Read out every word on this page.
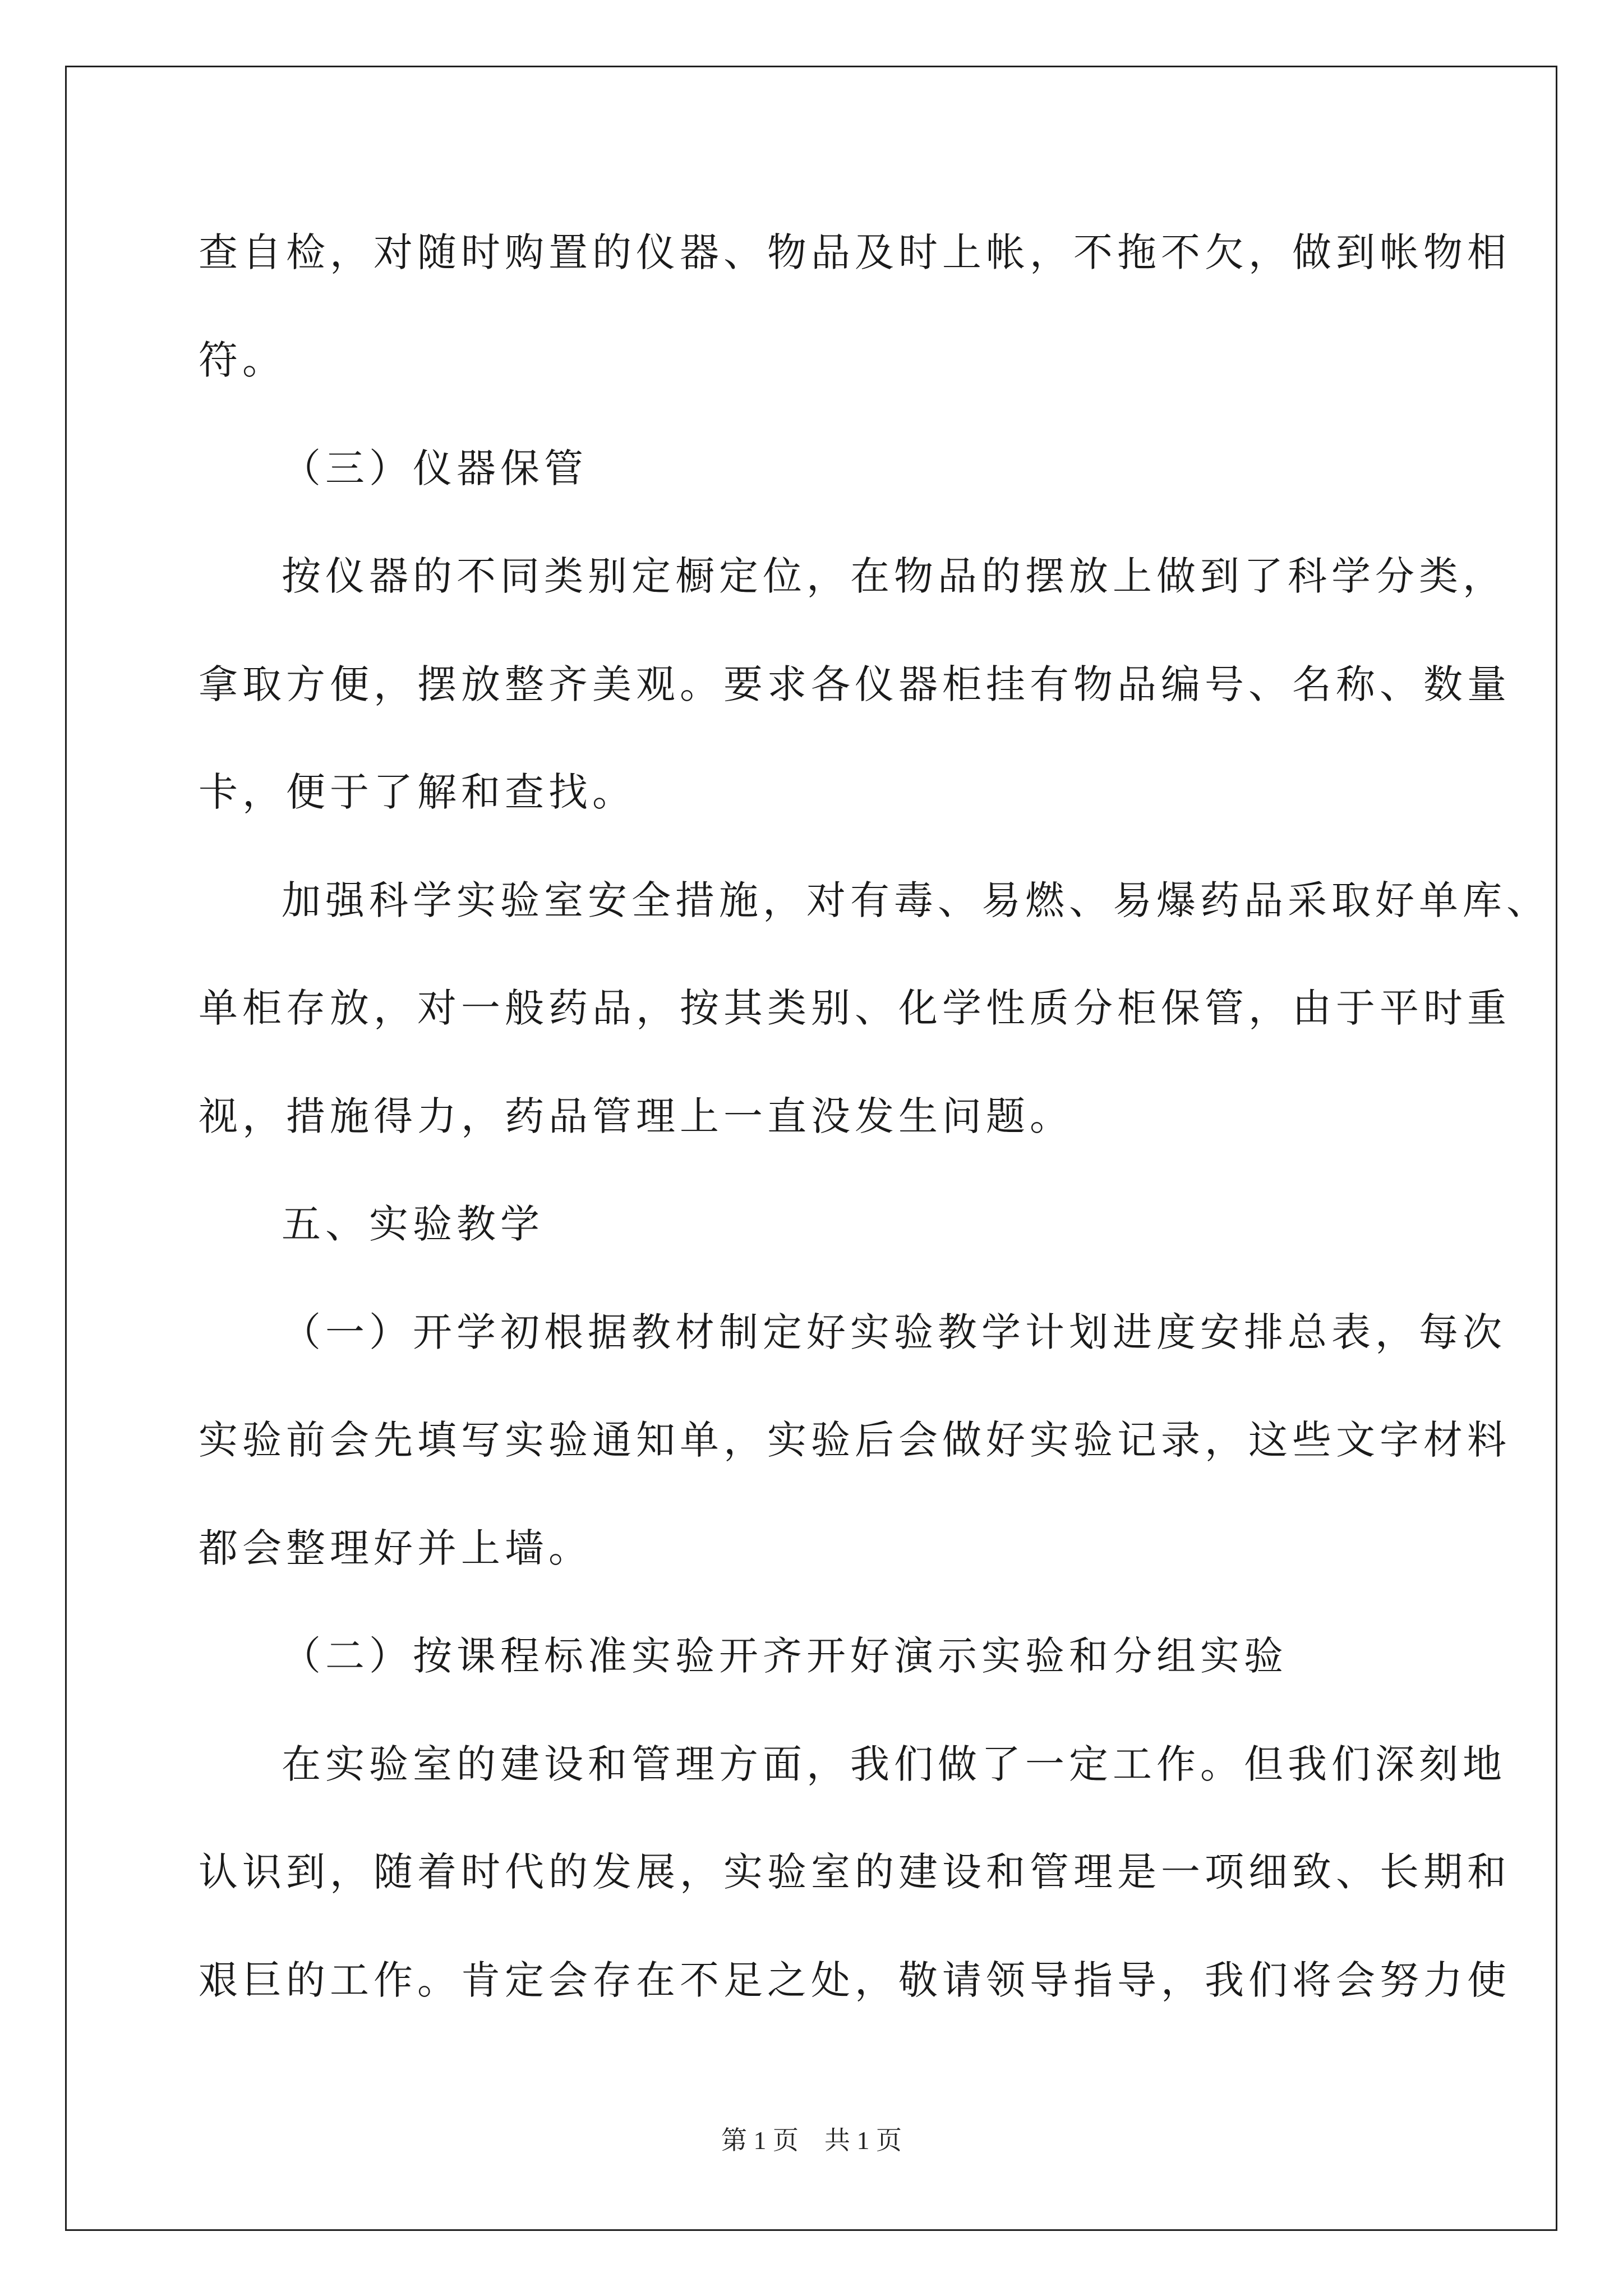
查自检，对随时购置的仪器、物品及时上帐，不拖不欠，做到帐物相
符。
（三）仪器保管
按仪器的不同类别定橱定位，在物品的摆放上做到了科学分类，
拿取方便，摆放整齐美观。要求各仪器柜挂有物品编号、名称、数量
卡，便于了解和查找。
加强科学实验室安全措施，对有毒、易燃、易爆药品采取好单库、
单柜存放，对一般药品，按其类别、化学性质分柜保管，由于平时重
视，措施得力，药品管理上一直没发生问题。
五、实验教学
（一）开学初根据教材制定好实验教学计划进度安排总表，每次
实验前会先填写实验通知单，实验后会做好实验记录，这些文字材料
都会整理好并上墙。
（二）按课程标准实验开齐开好演示实验和分组实验
在实验室的建设和管理方面，我们做了一定工作。但我们深刻地
认识到，随着时代的发展，实验室的建设和管理是一项细致、长期和
艰巨的工作。肯定会存在不足之处，敬请领导指导，我们将会努力使
第 1 页　共 1 页
